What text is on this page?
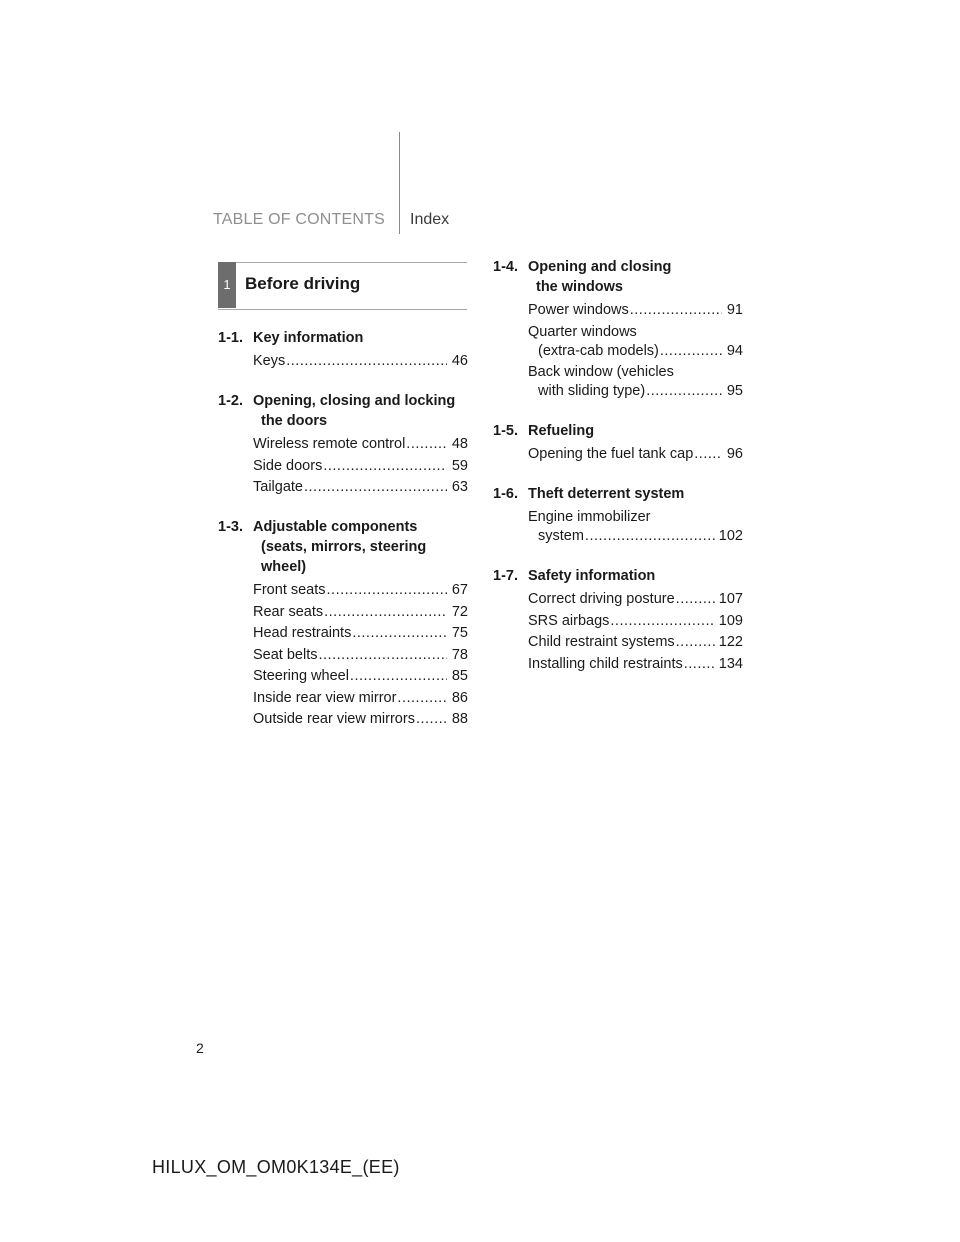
TABLE OF CONTENTS Index
1 Before driving
1-1. Key information
Keys .....	46
1-2. Opening, closing and locking
the doors
Wireless remote control .....	48
Side doors .....	59
Tailgate .....	63
1-3. Adjustable components
(seats, mirrors, steering
wheel)
Front seats .....	67
Rear seats .....	72
Head restraints .....	75
Seat belts .....	78
Steering wheel .....	85
Inside rear view mirror .....	86
Outside rear view mirrors .....	88
1-4. Opening and closing
the windows
Power windows .....	91
Quarter windows
(extra-cab models) .....	94
Back window (vehicles
with sliding type) .....	95
1-5. Refueling
Opening the fuel tank cap ..... 96
1-6. Theft deterrent system
Engine immobilizer
system .....	102
1-7. Safety information
Correct driving posture .....	107
SRS airbags .....	109
Child restraint systems .....	122
Installing child restraints ..... 134
2
HILUX_OM_OM0K134E_(EE)
